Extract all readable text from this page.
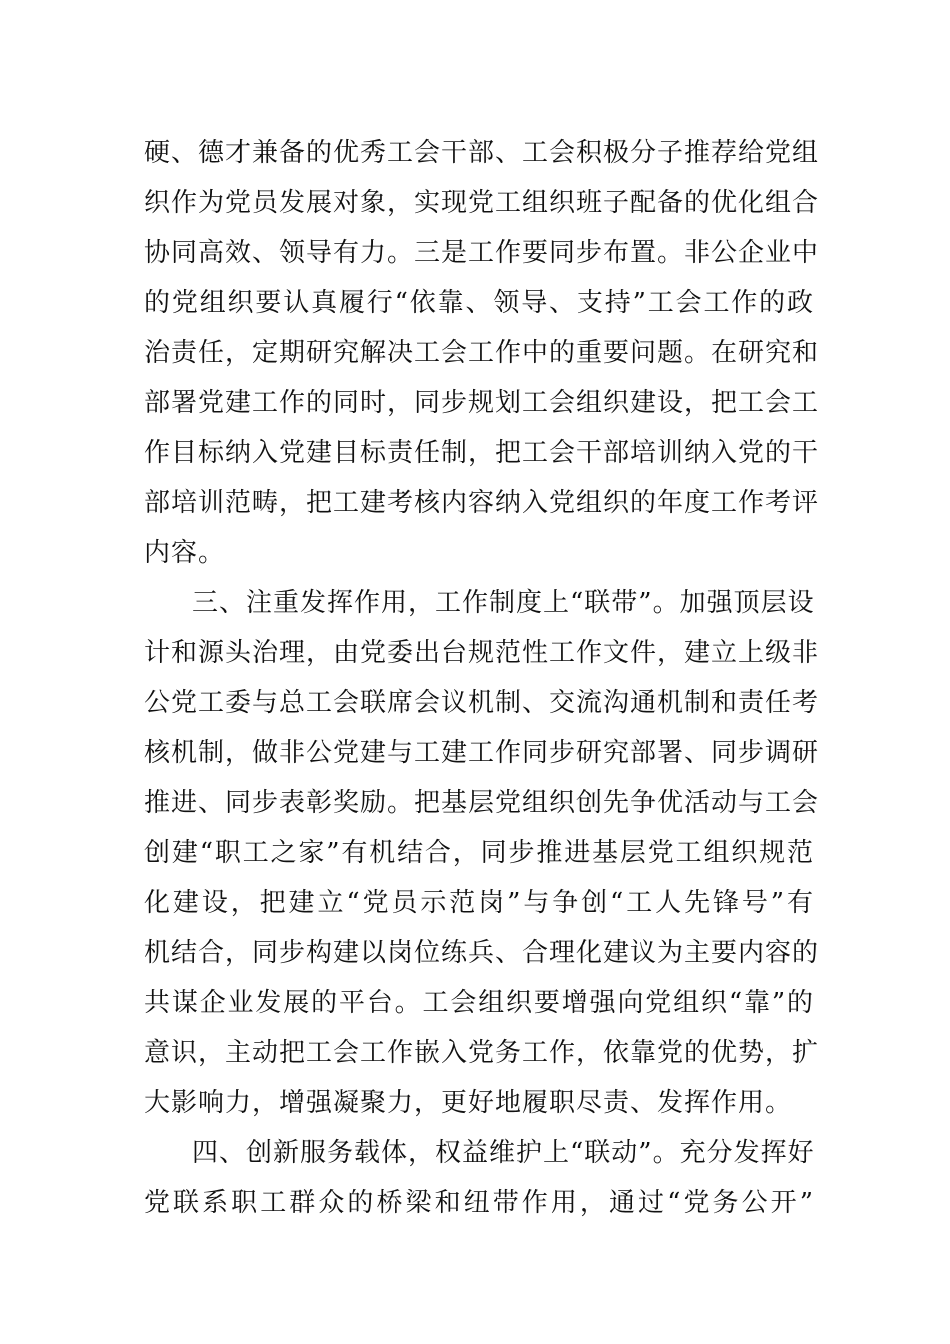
硬、德才兼备的优秀工会干部、工会积极分子推荐给党组
织作为党员发展对象，实现党工组织班子配备的优化组合
协同高效、领导有力。三是工作要同步布置。非公企业中
的党组织要认真履行“依靠、领导、支持”工会工作的政
治责任，定期研究解决工会工作中的重要问题。在研究和
部署党建工作的同时，同步规划工会组织建设，把工会工
作目标纳入党建目标责任制，把工会干部培训纳入党的干
部培训范畴，把工建考核内容纳入党组织的年度工作考评
内容。
三、注重发挥作用，工作制度上“联带”。加强顶层设
计和源头治理，由党委出台规范性工作文件，建立上级非
公党工委与总工会联席会议机制、交流沟通机制和责任考
核机制，做非公党建与工建工作同步研究部署、同步调研
推进、同步表彰奖励。把基层党组织创先争优活动与工会
创建“职工之家”有机结合，同步推进基层党工组织规范
化建设，把建立“党员示范岗”与争创“工人先锋号”有
机结合，同步构建以岗位练兵、合理化建议为主要内容的
共谋企业发展的平台。工会组织要增强向党组织“靠”的
意识，主动把工会工作嵌入党务工作，依靠党的优势，扩
大影响力，增强凝聚力，更好地履职尽责、发挥作用。
四、创新服务载体，权益维护上“联动”。充分发挥好
党联系职工群众的桥梁和纽带作用，通过“党务公开”
